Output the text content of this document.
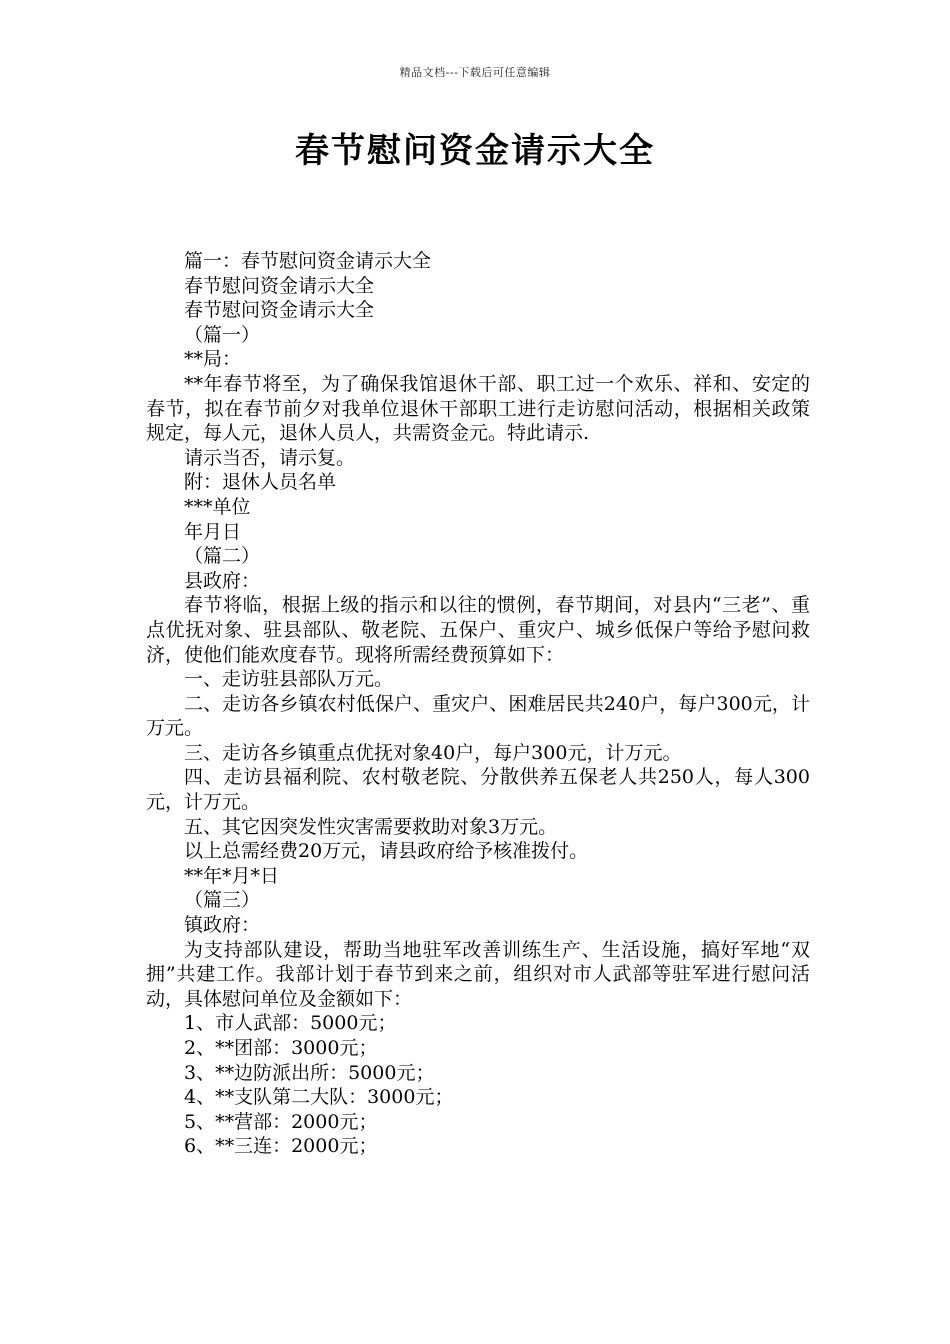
精品文档---下载后可任意编辑
春节慰问资金请示大全

篇一：春节慰问资金请示大全

春节慰问资金请示大全

春节慰问资金请示大全

（篇一）

**局：

**年春节将至，为了确保我馆退休干部、职工过一个欢乐、祥和、安定的春节，拟在春节前夕对我单位退休干部职工进行走访慰问活动，根据相关政策规定，每人元，退休人员人，共需资金元。特此请示.

请示当否，请示复。

附：退休人员名单

***单位

年月日

（篇二）

县政府：

春节将临，根据上级的指示和以往的惯例，春节期间，对县内“三老”、重点优抚对象、驻县部队、敬老院、五保户、重灾户、城乡低保户等给予慰问救济，使他们能欢度春节。现将所需经费预算如下：

一、走访驻县部队万元。

二、走访各乡镇农村低保户、重灾户、困难居民共240户，每户300元，计万元。

三、走访各乡镇重点优抚对象40户，每户300元，计万元。

四、走访县福利院、农村敬老院、分散供养五保老人共250人，每人300元，计万元。

五、其它因突发性灾害需要救助对象3万元。

以上总需经费20万元，请县政府给予核准拨付。

**年*月*日

（篇三）

镇政府：

为支持部队建设，帮助当地驻军改善训练生产、生活设施，搞好军地“双拥”共建工作。我部计划于春节到来之前，组织对市人武部等驻军进行慰问活动，具体慰问单位及金额如下：

1、市人武部：5000元；

2、**团部：3000元；

3、**边防派出所：5000元；

4、**支队第二大队：3000元；

5、**营部：2000元；

6、**三连：2000元；
